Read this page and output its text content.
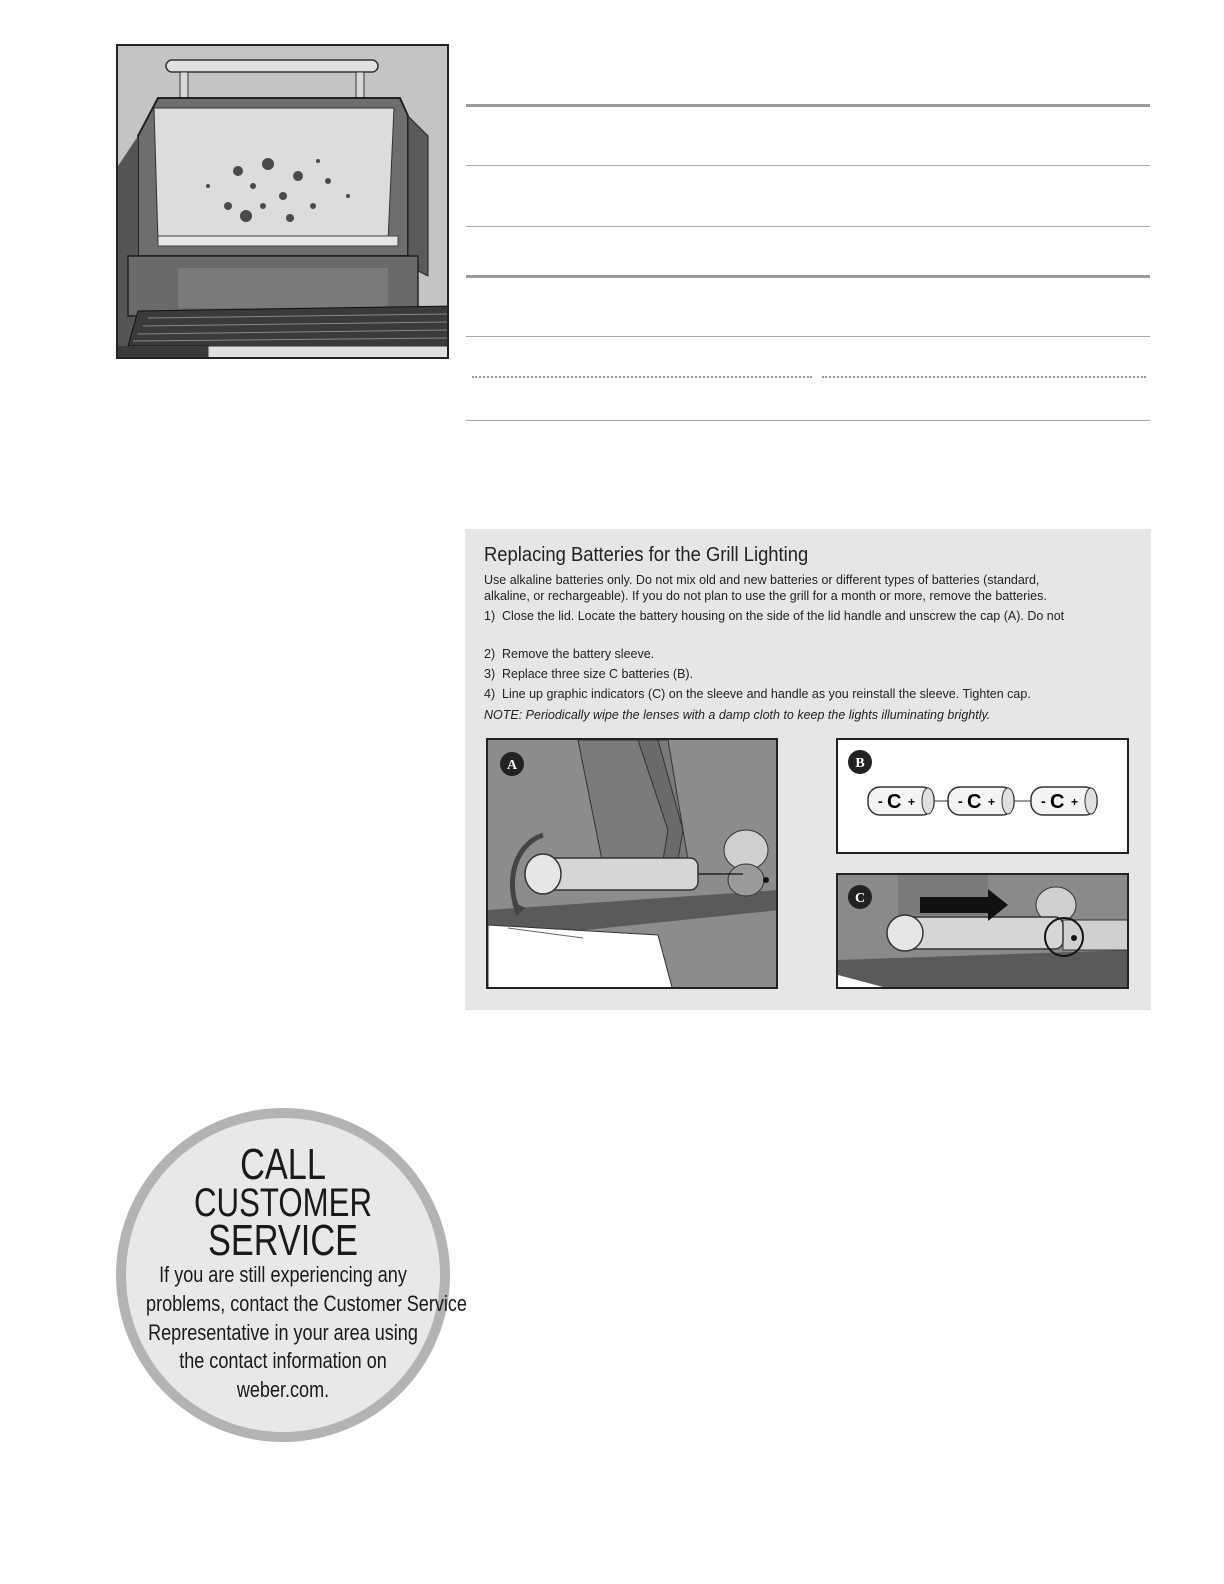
Replacing Batteries for the Grill Lighting
Use alkaline batteries only. Do not mix old and new batteries or different types of batteries (standard,
alkaline, or rechargeable). If you do not plan to use the grill for a month or more, remove the batteries.
1) Close the lid. Locate the battery housing on the side of the lid handle and unscrew the cap (A). Do not
2) Remove the battery sleeve.
3) Replace three size C batteries (B).
4) Line up graphic indicators (C) on the sleeve and handle as you reinstall the sleeve. Tighten cap.
NOTE: Periodically wipe the lenses with a damp cloth to keep the lights illuminating brightly.
A	B
- C +	- C +	- C +
C
CALL
CUSTOMER
SERVICE
If you are still experiencing any
problems, contact the Customer Service
Representative in your area using
the contact information on
weber.com.
